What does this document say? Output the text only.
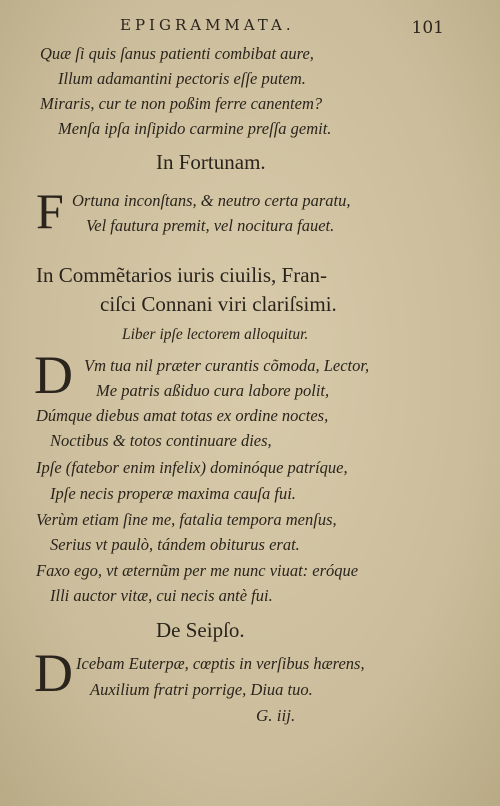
EPIGRAMMATA.	101
Quæ ſi quis ſanus patienti combibat aure,
Illum adamantini pectoris eſſe putem.
Miraris, cur te non poßim ferre canentem?
Menſa ipſa inſipido carmine preſſa gemit.
In Fortunam.
F Ortuna inconſtans, & neutro certa paratu,
Vel fautura premit, vel nocitura fauet.
In Commẽtarios iuris ciuilis, Fran-
ciſci Connani viri clariſsimi.
Liber ipſe lectorem alloquitur.
D Vm tua nil præter curantis cõmoda, Lector,
Me patris aßiduo cura labore polit,
Dúmque diebus amat totas ex ordine noctes,
Noctibus & totos continuare dies,
Ipſe (fatebor enim infelix) dominóque patríque,
Ipſe necis properæ maxima cauſa fui.
Verùm etiam ſine me, fatalia tempora menſus,
Serius vt paulò, tándem obiturus erat.
Faxo ego, vt æternũm per me nunc viuat: eróque
Illi auctor vitæ, cui necis antè fui.
De Seipſo.
D Icebam Euterpæ, cœptis in verſibus hærens,
Auxilium fratri porrige, Diua tuo.
G. iij.
